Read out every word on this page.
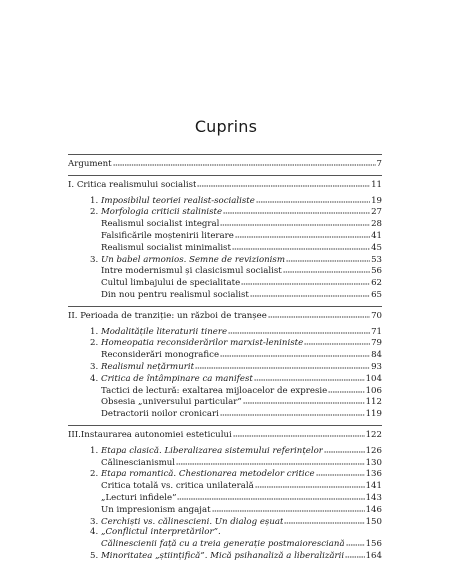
Cuprins
Argument	7
I. Critica realismului socialist	11
1. Imposibilul teoriei realist-socialiste	19
2. Morfologia criticii staliniste	27
Realismul socialist integral	28
Falsificările moștenirii literare	41
Realismul socialist minimalist	45
3. Un babel armonios. Semne de revizionism	53
Între modernismul și clasicismul socialist	56
Cultul limbajului de specialitate	62
Din nou pentru realismul socialist	65
II. Perioada de tranziție: un război de tranșee	70
1. Modalitățile literaturii tinere	71
2. Homeopatia reconsiderărilor marxist-leniniste	79
Reconsiderări monografice	84
3. Realismul nețărmurit	93
4. Critica de întâmpinare ca manifest	104
Tactici de lectură: exaltarea mijloacelor de expresie	106
Obsesia „universului particular”	112
Detractorii noilor cronicari	119
III.Instaurarea autonomiei esteticului	122
1. Etapa clasică. Liberalizarea sistemului referințelor	126
Călinescianismul	130
2. Etapa romantică. Chestionarea metodelor critice	136
Critica totală vs. critica unilaterală	141
„Lecturi infidele”	143
Un impresionism angajat	146
3. Cerchiști vs. călinescieni. Un dialog eșuat	150
4. „Conflictul interpretărilor”.
Călinescienii față cu a treia generație postmaioresciană 156
5. Minoritatea „științifică”. Mică psihanaliză a liberalizării 164
